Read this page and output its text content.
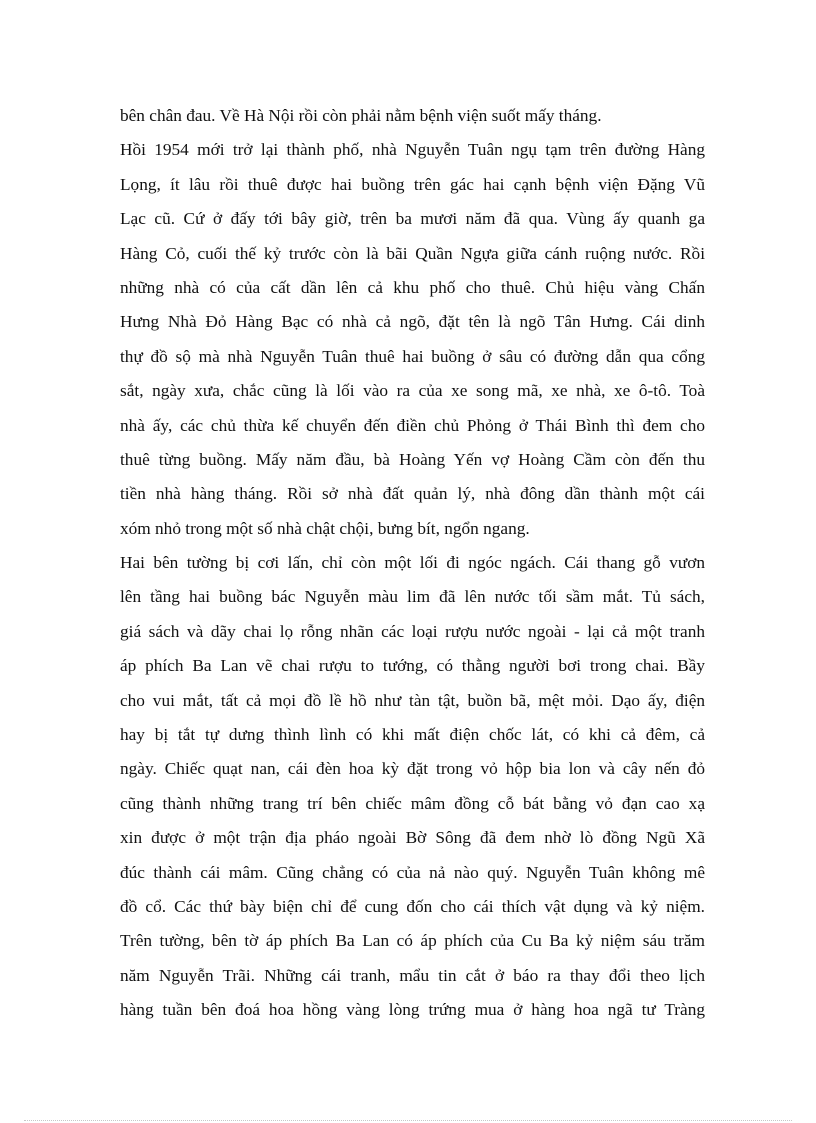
bên chân đau. Về Hà Nội rồi còn phải nằm bệnh viện suốt mấy tháng.
Hồi 1954 mới trở lại thành phố, nhà Nguyễn Tuân ngụ tạm trên đường Hàng
Lọng, ít lâu rồi thuê được hai buồng trên gác hai cạnh bệnh viện Đặng Vũ
Lạc cũ. Cứ ở đấy tới bây giờ, trên ba mươi năm đã qua. Vùng ấy quanh ga
Hàng Cỏ, cuối thế kỷ trước còn là bãi Quần Ngựa giữa cánh ruộng nước. Rồi
những nhà có của cất dần lên cả khu phố cho thuê. Chủ hiệu vàng Chấn
Hưng Nhà Đỏ Hàng Bạc có nhà cả ngõ, đặt tên là ngõ Tân Hưng. Cái dinh
thự đồ sộ mà nhà Nguyễn Tuân thuê hai buồng ở sâu có đường dẫn qua cổng
sắt, ngày xưa, chắc cũng là lối vào ra của xe song mã, xe nhà, xe ô-tô. Toà
nhà ấy, các chủ thừa kế chuyển đến điền chủ Phỏng ở Thái Bình thì đem cho
thuê từng buồng. Mấy năm đầu, bà Hoàng Yến vợ Hoàng Cầm còn đến thu
tiền nhà hàng tháng. Rồi sở nhà đất quản lý, nhà đông dần thành một cái
xóm nhỏ trong một số nhà chật chội, bưng bít, ngổn ngang.
Hai bên tường bị cơi lấn, chỉ còn một lối đi ngóc ngách. Cái thang gỗ vươn
lên tầng hai buồng bác Nguyễn màu lim đã lên nước tối sầm mắt. Tủ sách,
giá sách và dãy chai lọ rỗng nhãn các loại rượu nước ngoài - lại cả một tranh
áp phích Ba Lan vẽ chai rượu to tướng, có thằng người bơi trong chai. Bầy
cho vui mắt, tất cả mọi đồ lề hồ như tàn tật, buồn bã, mệt mỏi. Dạo ấy, điện
hay bị tắt tự dưng thình lình có khi mất điện chốc lát, có khi cả đêm, cả
ngày. Chiếc quạt nan, cái đèn hoa kỳ đặt trong vỏ hộp bia lon và cây nến đỏ
cũng thành những trang trí bên chiếc mâm đồng cỗ bát bằng vỏ đạn cao xạ
xin được ở một trận địa pháo ngoài Bờ Sông đã đem nhờ lò đồng Ngũ Xã
đúc thành cái mâm. Cũng chẳng có của nả nào quý. Nguyễn Tuân không mê
đồ cổ. Các thứ bày biện chỉ để cung đốn cho cái thích vật dụng và kỷ niệm.
Trên tường, bên tờ áp phích Ba Lan có áp phích của Cu Ba kỷ niệm sáu trăm
năm Nguyễn Trãi. Những cái tranh, mẩu tin cắt ở báo ra thay đổi theo lịch
hàng tuần bên đoá hoa hồng vàng lòng trứng mua ở hàng hoa ngã tư Tràng
